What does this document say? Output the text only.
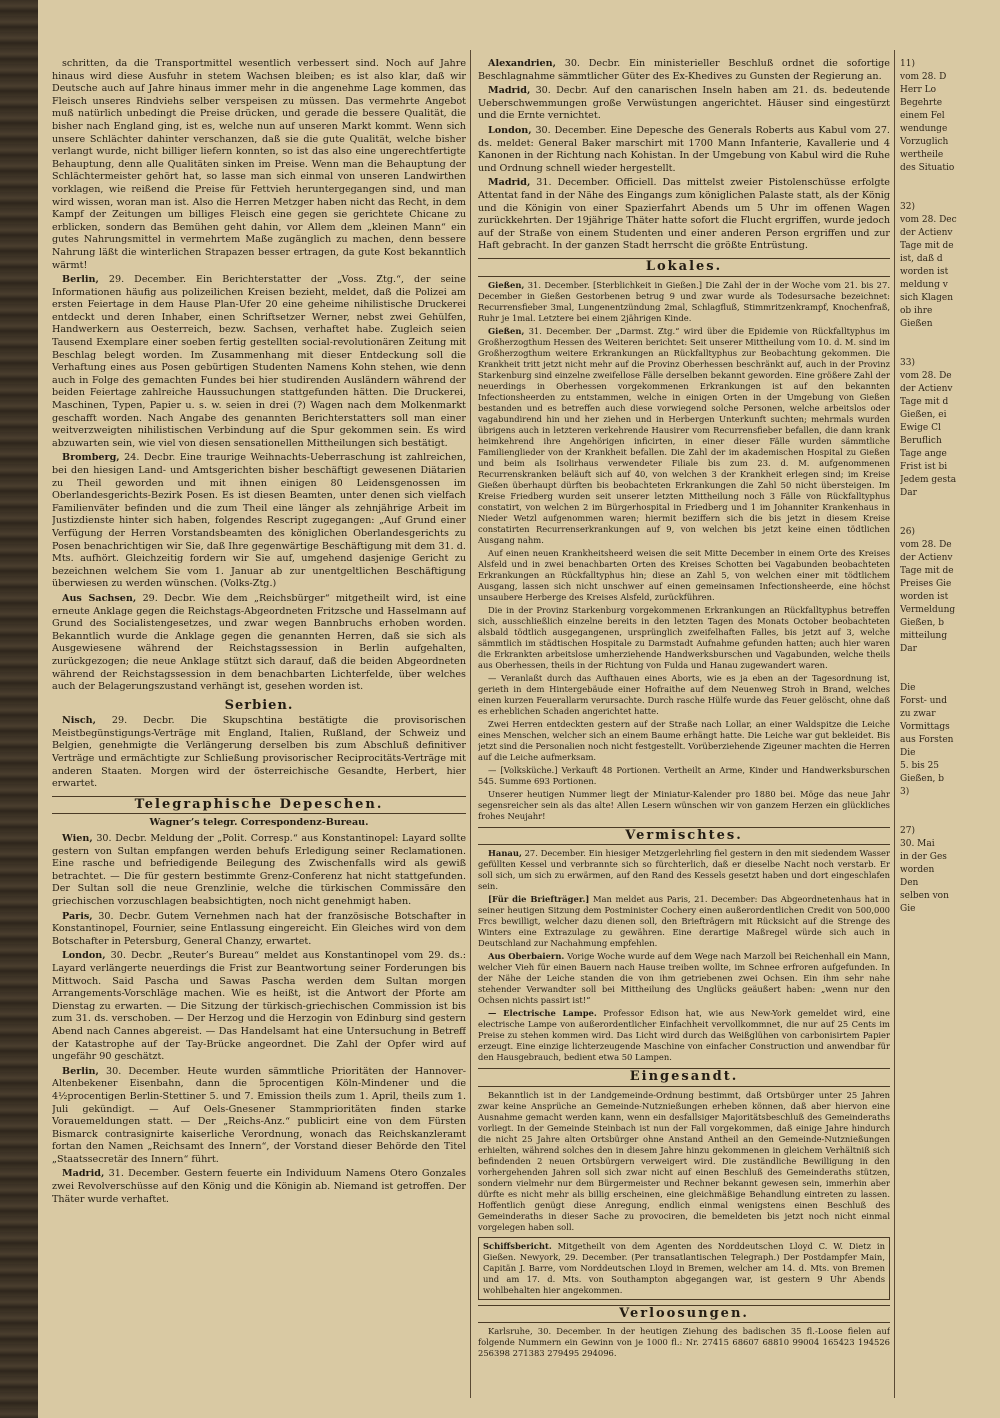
schritten, da die Transportmittel wesentlich verbessert sind. Noch auf Jahre hinaus wird diese Ausfuhr in stetem Wachsen bleiben; es ist also klar, daß wir Deutsche auch auf Jahre hinaus immer mehr in die angenehme Lage kommen, das Fleisch unseres Rindviehs selber verspeisen zu müssen. Das vermehrte Angebot muß natürlich unbedingt die Preise drücken, und gerade die bessere Qualität, die bisher nach England ging, ist es, welche nun auf unseren Markt kommt. Wenn sich unsere Schlächter dahinter verschanzen, daß sie die gute Qualität, welche bisher verlangt wurde, nicht billiger liefern konnten, so ist das also eine ungerechtfertigte Behauptung, denn alle Qualitäten sinken im Preise. Wenn man die Behauptung der Schlächtermeister gehört hat, so lasse man sich einmal von unseren Landwirthen vorklagen, wie reißend die Preise für Fettvieh heruntergegangen sind, und man wird wissen, woran man ist. Also die Herren Metzger haben nicht das Recht, in dem Kampf der Zeitungen um billiges Fleisch eine gegen sie gerichtete Chicane zu erblicken, sondern das Bemühen geht dahin, vor Allem dem „kleinen Mann“ ein gutes Nahrungsmittel in vermehrtem Maße zugänglich zu machen, denn bessere Nahrung läßt die winterlichen Strapazen besser ertragen, da gute Kost bekanntlich wärmt!

Berlin, 29. December. Ein Berichterstatter der „Voss. Ztg.“, der seine Informationen häufig aus polizeilichen Kreisen bezieht, meldet, daß die Polizei am ersten Feiertage in dem Hause Plan-Ufer 20 eine geheime nihilistische Druckerei entdeckt und deren Inhaber, einen Schriftsetzer Werner, nebst zwei Gehülfen, Handwerkern aus Oesterreich, bezw. Sachsen, verhaftet habe. Zugleich seien Tausend Exemplare einer soeben fertig gestellten social-revolutionären Zeitung mit Beschlag belegt worden. Im Zusammenhang mit dieser Entdeckung soll die Verhaftung eines aus Posen gebürtigen Studenten Namens Kohn stehen, wie denn auch in Folge des gemachten Fundes bei hier studirenden Ausländern während der beiden Feiertage zahlreiche Haussuchungen stattgefunden hätten. Die Druckerei, Maschinen, Typen, Papier u. s. w. seien in drei (?) Wagen nach dem Molkenmarkt geschafft worden. Nach Angabe des genannten Berichterstatters soll man einer weitverzweigten nihilistischen Verbindung auf die Spur gekommen sein. Es wird abzuwarten sein, wie viel von diesen sensationellen Mittheilungen sich bestätigt.

Bromberg, 24. Decbr. Eine traurige Weihnachts-Ueberraschung ist zahlreichen, bei den hiesigen Land- und Amtsgerichten bisher beschäftigt gewesenen Diätarien zu Theil geworden und mit ihnen einigen 80 Leidensgenossen im Oberlandesgerichts-Bezirk Posen. Es ist diesen Beamten, unter denen sich vielfach Familienväter befinden und die zum Theil eine länger als zehnjährige Arbeit im Justizdienste hinter sich haben, folgendes Rescript zugegangen: „Auf Grund einer Verfügung der Herren Vorstandsbeamten des königlichen Oberlandesgerichts zu Posen benachrichtigen wir Sie, daß Ihre gegenwärtige Beschäftigung mit dem 31. d. Mts. aufhört. Gleichzeitig fordern wir Sie auf, umgehend dasjenige Gericht zu bezeichnen welchem Sie vom 1. Januar ab zur unentgeltlichen Beschäftigung überwiesen zu werden wünschen. (Volks-Ztg.)

Aus Sachsen, 29. Decbr. Wie dem „Reichsbürger“ mitgetheilt wird, ist eine erneute Anklage gegen die Reichstags-Abgeordneten Fritzsche und Hasselmann auf Grund des Socialistengesetzes, und zwar wegen Bannbruchs erhoben worden. Bekanntlich wurde die Anklage gegen die genannten Herren, daß sie sich als Ausgewiesene während der Reichstagssession in Berlin aufgehalten, zurückgezogen; die neue Anklage stützt sich darauf, daß die beiden Abgeordneten während der Reichstagssession in dem benachbarten Lichterfelde, über welches auch der Belagerungszustand verhängt ist, gesehen worden ist.

Serbien.

Nisch, 29. Decbr. Die Skupschtina bestätigte die provisorischen Meistbegünstigungs-Verträge mit England, Italien, Rußland, der Schweiz und Belgien, genehmigte die Verlängerung derselben bis zum Abschluß definitiver Verträge und ermächtigte zur Schließung provisorischer Reciprocitäts-Verträge mit anderen Staaten. Morgen wird der österreichische Gesandte, Herbert, hier erwartet.

Telegraphische Depeschen.
Wagner’s telegr. Correspondenz-Bureau.

Wien, 30. Decbr. Meldung der „Polit. Corresp.“ aus Konstantinopel: Layard sollte gestern von Sultan empfangen werden behufs Erledigung seiner Reclamationen. Eine rasche und befriedigende Beilegung des Zwischenfalls wird als gewiß betrachtet. — Die für gestern bestimmte Grenz-Conferenz hat nicht stattgefunden. Der Sultan soll die neue Grenzlinie, welche die türkischen Commissäre den griechischen vorzuschlagen beabsichtigten, noch nicht genehmigt haben.

Paris, 30. Decbr. Gutem Vernehmen nach hat der französische Botschafter in Konstantinopel, Fournier, seine Entlassung eingereicht. Ein Gleiches wird von dem Botschafter in Petersburg, General Chanzy, erwartet.

London, 30. Decbr. „Reuter’s Bureau“ meldet aus Konstantinopel vom 29. ds.: Layard verlängerte neuerdings die Frist zur Beantwortung seiner Forderungen bis Mittwoch. Said Pascha und Sawas Pascha werden dem Sultan morgen Arrangements-Vorschläge machen. Wie es heißt, ist die Antwort der Pforte am Dienstag zu erwarten. — Die Sitzung der türkisch-griechischen Commission ist bis zum 31. ds. verschoben. — Der Herzog und die Herzogin von Edinburg sind gestern Abend nach Cannes abgereist. — Das Handelsamt hat eine Untersuchung in Betreff der Katastrophe auf der Tay-Brücke angeordnet. Die Zahl der Opfer wird auf ungefähr 90 geschätzt.

Berlin, 30. December. Heute wurden sämmtliche Prioritäten der Hannover-Altenbekener Eisenbahn, dann die 5procentigen Köln-Mindener und die 4½procentigen Berlin-Stettiner 5. und 7. Emission theils zum 1. April, theils zum 1. Juli gekündigt. — Auf Oels-Gnesener Stammprioritäten finden starke Vorauemeldungen statt. — Der „Reichs-Anz.“ publicirt eine von dem Fürsten Bismarck contrasignirte kaiserliche Verordnung, wonach das Reichskanzleramt fortan den Namen „Reichsamt des Innern“, der Vorstand dieser Behörde den Titel „Staatssecretär des Innern“ führt.

Madrid, 31. December. Gestern feuerte ein Individuum Namens Otero Gonzales zwei Revolverschüsse auf den König und die Königin ab. Niemand ist getroffen. Der Thäter wurde verhaftet.

Alexandrien, 30. Decbr. Ein ministerieller Beschluß ordnet die sofortige Beschlagnahme sämmtlicher Güter des Ex-Khedives zu Gunsten der Regierung an.

Madrid, 30. Decbr. Auf den canarischen Inseln haben am 21. ds. bedeutende Ueberschwemmungen große Verwüstungen angerichtet. Häuser sind eingestürzt und die Ernte vernichtet.

London, 30. December. Eine Depesche des Generals Roberts aus Kabul vom 27. ds. meldet: General Baker marschirt mit 1700 Mann Infanterie, Kavallerie und 4 Kanonen in der Richtung nach Kohistan. In der Umgebung von Kabul wird die Ruhe und Ordnung schnell wieder hergestellt.

Madrid, 31. December. Officiell. Das mittelst zweier Pistolenschüsse erfolgte Attentat fand in der Nähe des Eingangs zum königlichen Palaste statt, als der König und die Königin von einer Spazierfahrt Abends um 5 Uhr im offenen Wagen zurückkehrten. Der 19jährige Thäter hatte sofort die Flucht ergriffen, wurde jedoch auf der Straße von einem Studenten und einer anderen Person ergriffen und zur Haft gebracht. In der ganzen Stadt herrscht die größte Entrüstung.

Lokales.

Gießen, 31. December. [Sterblichkeit in Gießen.] Die Zahl der in der Woche vom 21. bis 27. December in Gießen Gestorbenen betrug 9 und zwar wurde als Todesursache bezeichnet: Recurrensfieber 3mal, Lungenentzündung 2mal, Schlagfluß, Stimmritzenkrampf, Knochenfraß, Ruhr je 1mal. Letztere bei einem 2jährigen Kinde.

Gießen, 31. December. Der „Darmst. Ztg.“ wird über die Epidemie von Rückfalltyphus im Großherzogthum Hessen des Weiteren berichtet: Seit unserer Mittheilung vom 10. d. M. sind im Großherzogthum weitere Erkrankungen an Rückfalltyphus zur Beobachtung gekommen. Die Krankheit tritt jetzt nicht mehr auf die Provinz Oberhessen beschränkt auf, auch in der Provinz Starkenburg sind einzelne zweifellose Fälle derselben bekannt geworden. Eine größere Zahl der neuerdings in Oberhessen vorgekommenen Erkrankungen ist auf den bekannten Infectionsheerden zu entstammen, welche in einigen Orten in der Umgebung von Gießen bestanden und es betreffen auch diese vorwiegend solche Personen, welche arbeitslos oder vagabundirend hin und her ziehen und in Herbergen Unterkunft suchten; mehrmals wurden übrigens auch in letzteren verkehrende Hausirer vom Recurrensfieber befallen, die dann krank heimkehrend ihre Angehörigen inficirten, in einer dieser Fälle wurden sämmtliche Familienglieder von der Krankheit befallen. Die Zahl der im akademischen Hospital zu Gießen und beim als Isolirhaus verwendeter Filiale bis zum 23. d. M. aufgenommenen Recurrenskranken beläuft sich auf 40, von welchen 3 der Krankheit erlegen sind; im Kreise Gießen überhaupt dürften bis beobachteten Erkrankungen die Zahl 50 nicht übersteigen. Im Kreise Friedberg wurden seit unserer letzten Mittheilung noch 3 Fälle von Rückfalltyphus constatirt, von welchen 2 im Bürgerhospital in Friedberg und 1 im Johanniter Krankenhaus in Nieder Wetzl aufgenommen waren; hiermit beziffern sich die bis jetzt in diesem Kreise constatirten Recurrenserkrankungen auf 9, von welchen bis jetzt keine einen tödtlichen Ausgang nahm.

Auf einen neuen Krankheitsheerd weisen die seit Mitte December in einem Orte des Kreises Alsfeld und in zwei benachbarten Orten des Kreises Schotten bei Vagabunden beobachteten Erkrankungen an Rückfalltyphus hin; diese an Zahl 5, von welchen einer mit tödtlichem Ausgang, lassen sich nicht unschwer auf einen gemeinsamen Infectionsheerde, eine höchst unsaubere Herberge des Kreises Alsfeld, zurückführen.

Die in der Provinz Starkenburg vorgekommenen Erkrankungen an Rückfalltyphus betreffen sich, ausschließlich einzelne bereits in den letzten Tagen des Monats October beobachteten alsbald tödtlich ausgegangenen, ursprünglich zweifelhaften Falles, bis jetzt auf 3, welche sämmtlich im städtischen Hospitale zu Darmstadt Aufnahme gefunden hatten; auch hier waren die Erkrankten arbeitslose umherziehende Handwerksburschen und Vagabunden, welche theils aus Oberhessen, theils in der Richtung von Fulda und Hanau zugewandert waren.

— Veranlaßt durch das Aufthauen eines Aborts, wie es ja eben an der Tagesordnung ist, gerieth in dem Hintergebäude einer Hofraithe auf dem Neuenweg Stroh in Brand, welches einen kurzen Feuerallarm verursachte. Durch rasche Hülfe wurde das Feuer gelöscht, ohne daß es erheblichen Schaden angerichtet hatte.

Zwei Herren entdeckten gestern auf der Straße nach Lollar, an einer Waldspitze die Leiche eines Menschen, welcher sich an einem Baume erhängt hatte. Die Leiche war gut bekleidet. Bis jetzt sind die Personalien noch nicht festgestellt. Vorüberziehende Zigeuner machten die Herren auf die Leiche aufmerksam.

— [Volksküche.] Verkauft 48 Portionen. Vertheilt an Arme, Kinder und Handwerksburschen 545. Summe 693 Portionen.

Unserer heutigen Nummer liegt der Miniatur-Kalender pro 1880 bei. Möge das neue Jahr segensreicher sein als das alte! Allen Lesern wünschen wir von ganzem Herzen ein glückliches frohes Neujahr!

Vermischtes.

Hanau, 27. December. Ein hiesiger Metzgerlehrling fiel gestern in den mit siedendem Wasser gefüllten Kessel und verbrannte sich so fürchterlich, daß er dieselbe Nacht noch verstarb. Er soll sich, um sich zu erwärmen, auf den Rand des Kessels gesetzt haben und dort eingeschlafen sein.

[Für die Briefträger.] Man meldet aus Paris, 21. December: Das Abgeordnetenhaus hat in seiner heutigen Sitzung dem Postminister Cochery einen außerordentlichen Credit von 500,000 Frcs bewilligt, welcher dazu dienen soll, den Briefträgern mit Rücksicht auf die Strenge des Winters eine Extrazulage zu gewähren. Eine derartige Maßregel würde sich auch in Deutschland zur Nachahmung empfehlen.

Aus Oberbaiern. Vorige Woche wurde auf dem Wege nach Marzoll bei Reichenhall ein Mann, welcher Vieh für einen Bauern nach Hause treiben wollte, im Schnee erfroren aufgefunden. In der Nähe der Leiche standen die von ihm getriebenen zwei Ochsen. Ein ihm sehr nahe stehender Verwandter soll bei Mittheilung des Unglücks geäußert haben: „wenn nur den Ochsen nichts passirt ist!“

— Electrische Lampe. Professor Edison hat, wie aus New-York gemeldet wird, eine electrische Lampe von außerordentlicher Einfachheit vervollkommnet, die nur auf 25 Cents im Preise zu stehen kommen wird. Das Licht wird durch das Weißglühen von carbonisirtem Papier erzeugt. Eine einzige lichterzeugende Maschine von einfacher Construction und anwendbar für den Hausgebrauch, bedient etwa 50 Lampen.

Eingesandt.

Bekanntlich ist in der Landgemeinde-Ordnung bestimmt, daß Ortsbürger unter 25 Jahren zwar keine Ansprüche an Gemeinde-Nutznießungen erheben können, daß aber hiervon eine Ausnahme gemacht werden kann, wenn ein desfallsiger Majoritätsbeschluß des Gemeinderaths vorliegt. In der Gemeinde Steinbach ist nun der Fall vorgekommen, daß einige Jahre hindurch die nicht 25 Jahre alten Ortsbürger ohne Anstand Antheil an den Gemeinde-Nutznießungen erhielten, während solches den in diesem Jahre hinzu gekommenen in gleichem Verhältniß sich befindenden 2 neuen Ortsbürgern verweigert wird. Die zuständliche Bewilligung in den vorhergehenden Jahren soll sich zwar nicht auf einen Beschluß des Gemeinderaths stützen, sondern vielmehr nur dem Bürgermeister und Rechner bekannt gewesen sein, immerhin aber dürfte es nicht mehr als billig erscheinen, eine gleichmäßige Behandlung eintreten zu lassen. Hoffentlich genügt diese Anregung, endlich einmal wenigstens einen Beschluß des Gemeinderaths in dieser Sache zu provociren, die bemeldeten bis jetzt noch nicht einmal vorgelegen haben soll.

Schiffsbericht. Mitgetheilt von dem Agenten des Norddeutschen Lloyd C. W. Dietz in Gießen. Newyork, 29. December. (Per transatlantischen Telegraph.) Der Postdampfer Main, Capitän J. Barre, vom Norddeutschen Lloyd in Bremen, welcher am 14. d. Mts. von Bremen und am 17. d. Mts. von Southampton abgegangen war, ist gestern 9 Uhr Abends wohlbehalten hier angekommen.
Verloosungen.

Karlsruhe, 30. December. In der heutigen Ziehung des badischen 35 fl.-Loose fielen auf folgende Nummern ein Gewinn von je 1000 fl.: Nr. 27415 68607 68810 99004 165423 194526 256398 271383 279495 294096.

11)
vom 28. D
Herr Lo
Begehrte
einem Fel
wendunge
Vorzuglich
wertheile
des Situatio
32)
vom 28. Dec
der Actienv
Tage mit de
ist, daß d
worden ist
meldung v
sich Klagen
ob ihre
Gießen
33)
vom 28. De
der Actienv
Tage mit d
Gießen, ei
Ewige Cl
Beruflich
Tage ange
Frist ist bi
Jedem gesta
Dar
26)
vom 28. De
der Actienv
Tage mit de
Preises Gie
worden ist
Vermeldung
Gießen, b
mitteilung
Dar
Die
Forst- und
zu zwar
Vormittags
aus Forsten
Die
5. bis 25
Gießen, b
3)
27)
30. Mai
in der Ges
worden
Den
selben von
Gie
